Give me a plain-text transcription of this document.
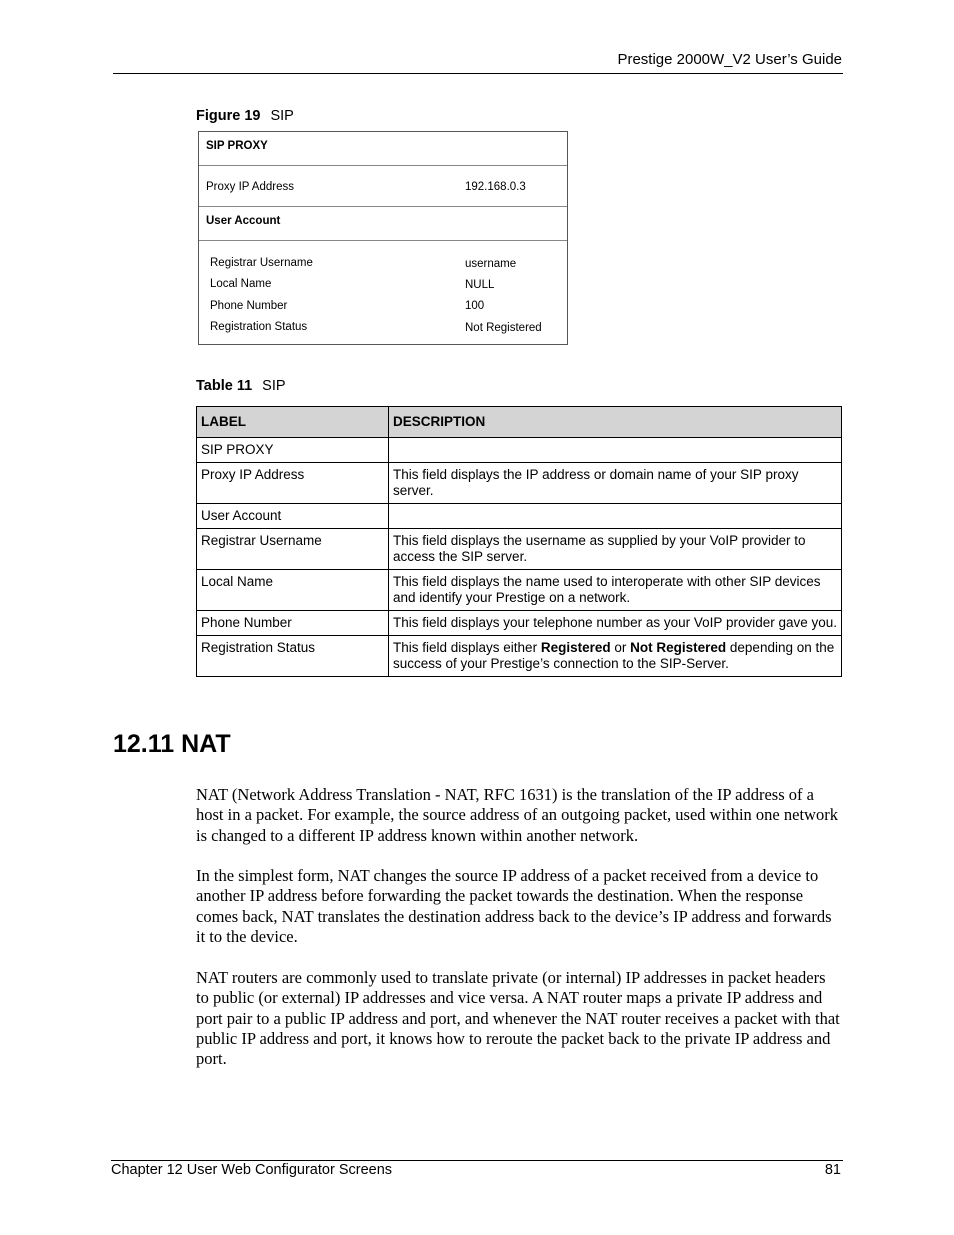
Prestige 2000W_V2 User’s Guide
Figure 19 SIP
SIP PROXY
Proxy IP Address	192.168.0.3
User Account
Registrar Username	username
Local Name	NULL
Phone Number	100
Registration Status	Not Registered
Table 11 SIP
LABEL	DESCRIPTION
SIP PROXY	
Proxy IP Address	This field displays the IP address or domain name of your SIP proxy server.
User Account	
Registrar Username	This field displays the username as supplied by your VoIP provider to access the SIP server.
Local Name	This field displays the name used to interoperate with other SIP devices and identify your Prestige on a network.
Phone Number	This field displays your telephone number as your VoIP provider gave you.
Registration Status	This field displays either Registered or Not Registered depending on the success of your Prestige’s connection to the SIP-Server.
12.11 NAT

NAT (Network Address Translation - NAT, RFC 1631) is the translation of the IP address of a host in a packet. For example, the source address of an outgoing packet, used within one network is changed to a different IP address known within another network.

In the simplest form, NAT changes the source IP address of a packet received from a device to another IP address before forwarding the packet towards the destination. When the response comes back, NAT translates the destination address back to the device’s IP address and forwards it to the device.

NAT routers are commonly used to translate private (or internal) IP addresses in packet headers to public (or external) IP addresses and vice versa. A NAT router maps a private IP address and port pair to a public IP address and port, and whenever the NAT router receives a packet with that public IP address and port, it knows how to reroute the packet back to the private IP address and port.

Chapter 12 User Web Configurator Screens	81
